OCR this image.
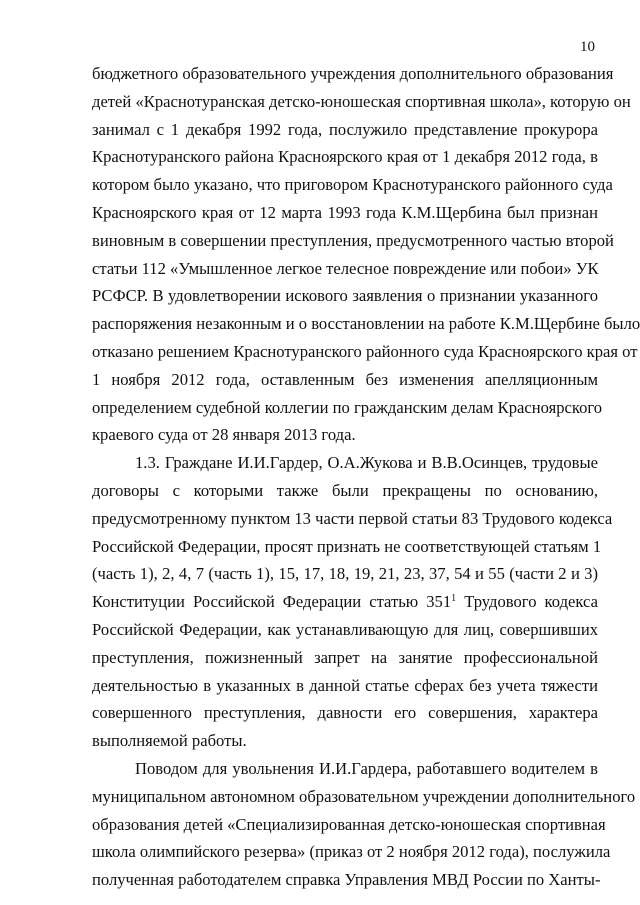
10
бюджетного образовательного учреждения дополнительного образования
детей «Краснотуранская детско-юношеская спортивная школа», которую он
занимал с 1 декабря 1992 года, послужило представление прокурора
Краснотуранского района Красноярского края от 1 декабря 2012 года, в
котором было указано, что приговором Краснотуранского районного суда
Красноярского края от 12 марта 1993 года К.М.Щербина был признан
виновным в совершении преступления, предусмотренного частью второй
статьи 112 «Умышленное легкое телесное повреждение или побои» УК
РСФСР. В удовлетворении искового заявления о признании указанного
распоряжения незаконным и о восстановлении на работе К.М.Щербине было
отказано решением Краснотуранского районного суда Красноярского края от
1 ноября 2012 года, оставленным без изменения апелляционным
определением судебной коллегии по гражданским делам Красноярского
краевого суда от 28 января 2013 года.
1.3. Граждане И.И.Гардер, О.А.Жукова и В.В.Осинцев, трудовые
договоры с которыми также были прекращены по основанию,
предусмотренному пунктом 13 части первой статьи 83 Трудового кодекса
Российской Федерации, просят признать не соответствующей статьям 1
(часть 1), 2, 4, 7 (часть 1), 15, 17, 18, 19, 21, 23, 37, 54 и 55 (части 2 и 3)
Конституции Российской Федерации статью $351^1$ Трудового кодекса
Российской Федерации, как устанавливающую для лиц, совершивших
преступления, пожизненный запрет на занятие профессиональной
деятельностью в указанных в данной статье сферах без учета тяжести
совершенного преступления, давности его совершения, характера
выполняемой работы.
Поводом для увольнения И.И.Гардера, работавшего водителем в
муниципальном автономном образовательном учреждении дополнительного
образования детей «Специализированная детско-юношеская спортивная
школа олимпийского резерва» (приказ от 2 ноября 2012 года), послужила
полученная работодателем справка Управления МВД России по Ханты-
